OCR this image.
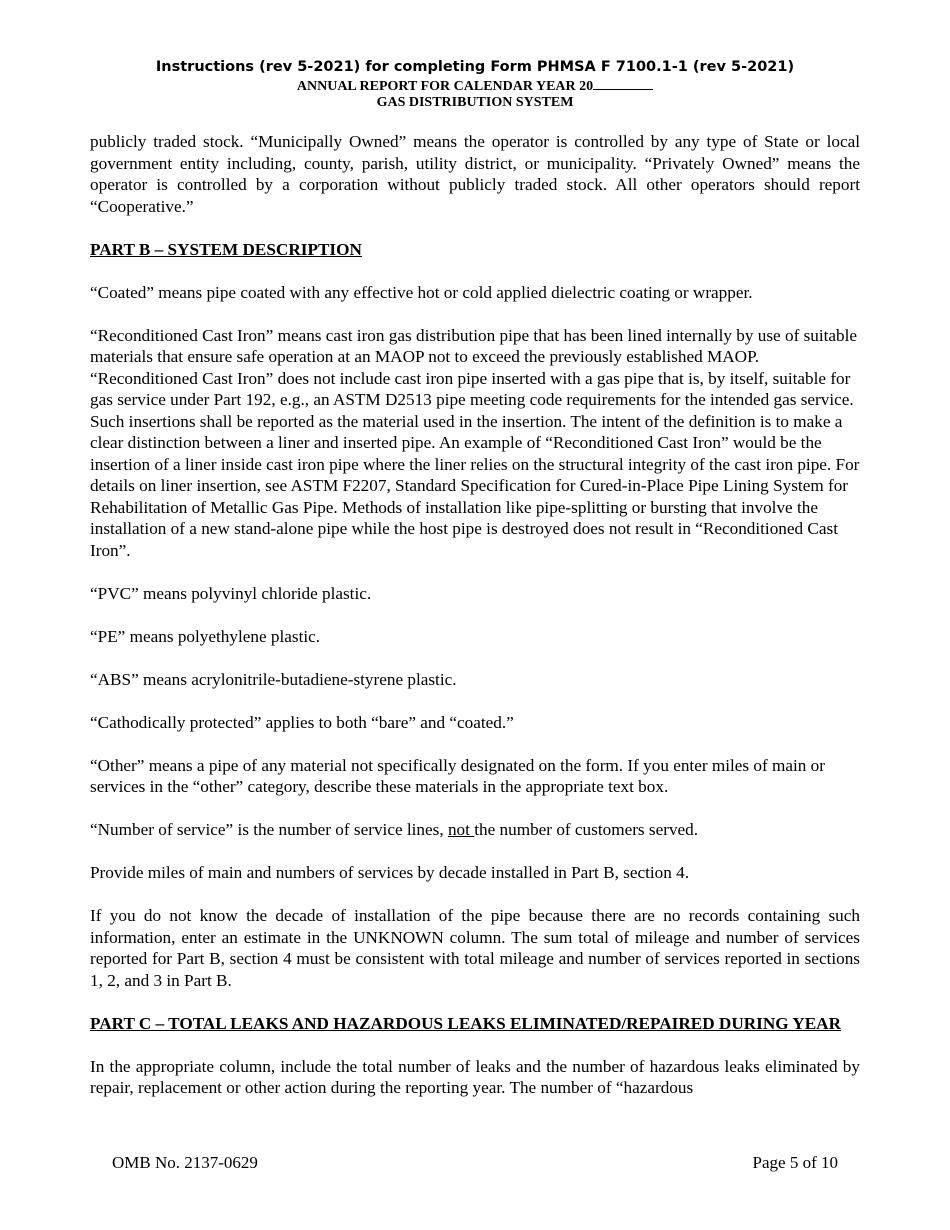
Instructions (rev 5-2021) for completing Form PHMSA F 7100.1-1 (rev 5-2021)
ANNUAL REPORT FOR CALENDAR YEAR 20
GAS DISTRIBUTION SYSTEM

publicly traded stock. “Municipally Owned” means the operator is controlled by any type of State or local government entity including, county, parish, utility district, or municipality. “Privately Owned” means the operator is controlled by a corporation without publicly traded stock. All other operators should report “Cooperative.”

PART B – SYSTEM DESCRIPTION

“Coated” means pipe coated with any effective hot or cold applied dielectric coating or wrapper.

“Reconditioned Cast Iron” means cast iron gas distribution pipe that has been lined internally by use of suitable materials that ensure safe operation at an MAOP not to exceed the previously established MAOP. “Reconditioned Cast Iron” does not include cast iron pipe inserted with a gas pipe that is, by itself, suitable for gas service under Part 192, e.g., an ASTM D2513 pipe meeting code requirements for the intended gas service. Such insertions shall be reported as the material used in the insertion. The intent of the definition is to make a clear distinction between a liner and inserted pipe. An example of “Reconditioned Cast Iron” would be the insertion of a liner inside cast iron pipe where the liner relies on the structural integrity of the cast iron pipe. For details on liner insertion, see ASTM F2207, Standard Specification for Cured-in-Place Pipe Lining System for Rehabilitation of Metallic Gas Pipe. Methods of installation like pipe-splitting or bursting that involve the installation of a new stand-alone pipe while the host pipe is destroyed does not result in “Reconditioned Cast Iron”.

“PVC” means polyvinyl chloride plastic.

“PE” means polyethylene plastic.

“ABS” means acrylonitrile-butadiene-styrene plastic.

“Cathodically protected” applies to both “bare” and “coated.”

“Other” means a pipe of any material not specifically designated on the form. If you enter miles of main or services in the “other” category, describe these materials in the appropriate text box.

“Number of service” is the number of service lines, not the number of customers served.

Provide miles of main and numbers of services by decade installed in Part B, section 4.

If you do not know the decade of installation of the pipe because there are no records containing such information, enter an estimate in the UNKNOWN column. The sum total of mileage and number of services reported for Part B, section 4 must be consistent with total mileage and number of services reported in sections 1, 2, and 3 in Part B.

PART C – TOTAL LEAKS AND HAZARDOUS LEAKS ELIMINATED/REPAIRED DURING YEAR

In the appropriate column, include the total number of leaks and the number of hazardous leaks eliminated by repair, replacement or other action during the reporting year. The number of “hazardous

OMB No. 2137-0629	Page 5 of 10
